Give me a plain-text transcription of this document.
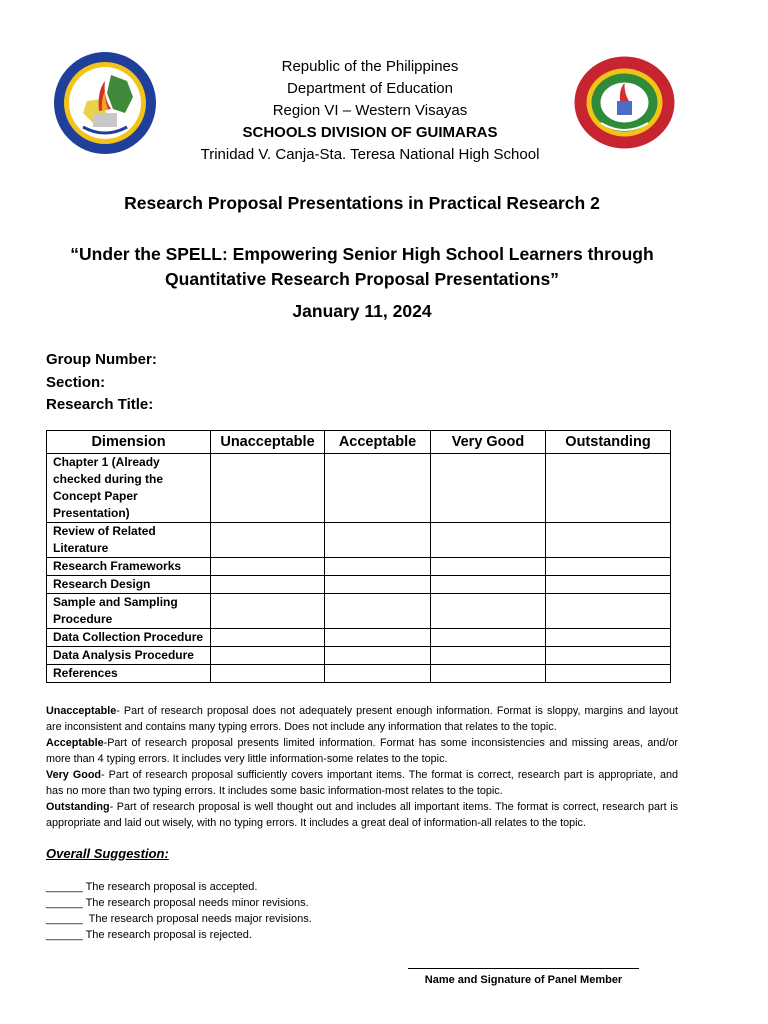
Republic of the Philippines
Department of Education
Region VI – Western Visayas
SCHOOLS DIVISION OF GUIMARAS
Trinidad V. Canja-Sta. Teresa National High School
Research Proposal Presentations in Practical Research 2
“Under the SPELL: Empowering Senior High School Learners through
Quantitative Research Proposal Presentations”
January 11, 2024
Group Number:
Section:
Research Title:
Dimension	Unacceptable	Acceptable	Very Good	Outstanding
Chapter 1 (Already checked during the Concept Paper Presentation)				
Review of Related Literature				
Research Frameworks				
Research Design				
Sample and Sampling Procedure				
Data Collection Procedure				
Data Analysis Procedure				
References				

Unacceptable- Part of research proposal does not adequately present enough information. Format is sloppy, margins and layout are inconsistent and contains many typing errors. Does not include any information that relates to the topic.

Acceptable-Part of research proposal presents limited information. Format has some inconsistencies and missing areas, and/or more than 4 typing errors. It includes very little information-some relates to the topic.

Very Good- Part of research proposal sufficiently covers important items. The format is correct, research part is appropriate, and has no more than two typing errors. It includes some basic information-most relates to the topic.

Outstanding- Part of research proposal is well thought out and includes all important items. The format is correct, research part is appropriate and laid out wisely, with no typing errors. It includes a great deal of information-all relates to the topic.

Overall Suggestion:
______ The research proposal is accepted.
______ The research proposal needs minor revisions.
______  The research proposal needs major revisions.
______ The research proposal is rejected.
Name and Signature of Panel Member
